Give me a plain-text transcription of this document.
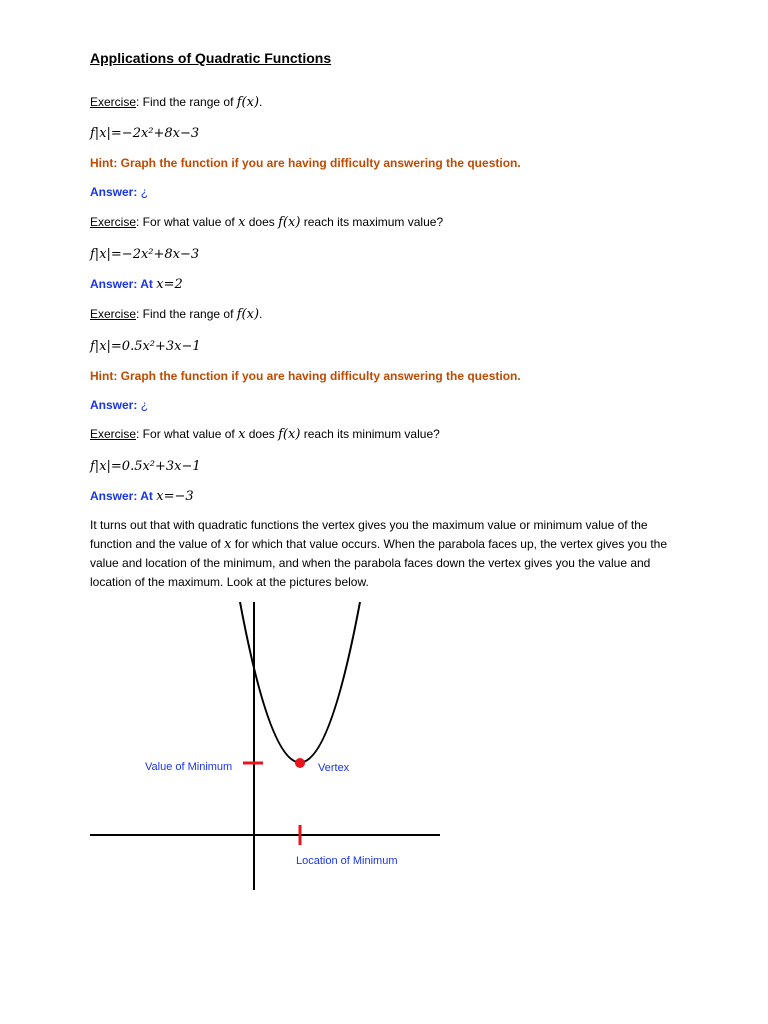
Applications of Quadratic Functions
Exercise: Find the range of f(x).
f|x|=−2x²+8x−3
Hint: Graph the function if you are having difficulty answering the question.
Answer: ¿
Exercise: For what value of x does f(x) reach its maximum value?
f|x|=−2x²+8x−3
Answer: At x=2
Exercise: Find the range of f(x).
f|x|=0.5x²+3x−1
Hint: Graph the function if you are having difficulty answering the question.
Answer: ¿
Exercise: For what value of x does f(x) reach its minimum value?
f|x|=0.5x²+3x−1
Answer: At x=−3
It turns out that with quadratic functions the vertex gives you the maximum value or minimum value of the function and the value of x for which that value occurs. When the parabola faces up, the vertex gives you the value and location of the minimum, and when the parabola faces down the vertex gives you the value and location of the maximum. Look at the pictures below.
Value of Minimum	Vertex
Location of Minimum
